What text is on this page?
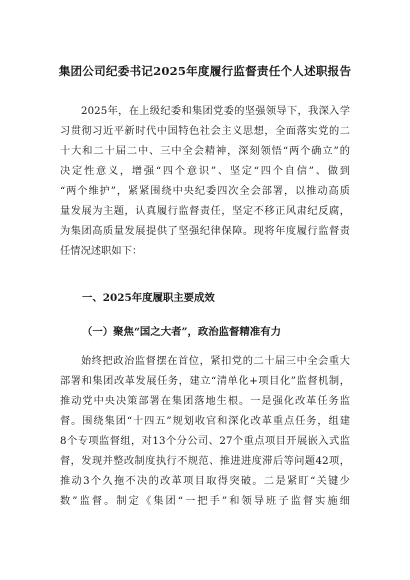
集团公司纪委书记2025年度履行监督责任个人述职报告
2025年，在上级纪委和集团党委的坚强领导下，我深入学
习贯彻习近平新时代中国特色社会主义思想，全面落实党的二
十大和二十届二中、三中全会精神，深刻领悟“两个确立”的
决定性意义，增强“四个意识”、坚定“四个自信”、做到
“两个维护”，紧紧围绕中央纪委四次全会部署，以推动高质
量发展为主题，认真履行监督责任，坚定不移正风肃纪反腐，
为集团高质量发展提供了坚强纪律保障。现将年度履行监督责
任情况述职如下：
一、2025年度履职主要成效
（一）聚焦“国之大者”，政治监督精准有力
始终把政治监督摆在首位，紧扣党的二十届三中全会重大
部署和集团改革发展任务，建立“清单化+项目化”监督机制，
推动党中央决策部署在集团落地生根。一是强化改革任务监
督。围绕集团“十四五”规划收官和深化改革重点任务，组建
8个专项监督组，对13个分公司、27个重点项目开展嵌入式监
督，发现并整改制度执行不规范、推进进度滞后等问题42项，
推动3个久拖不决的改革项目取得突破。二是紧盯“关键少
数”监督。制定《集团“一把手”和领导班子监督实施细
